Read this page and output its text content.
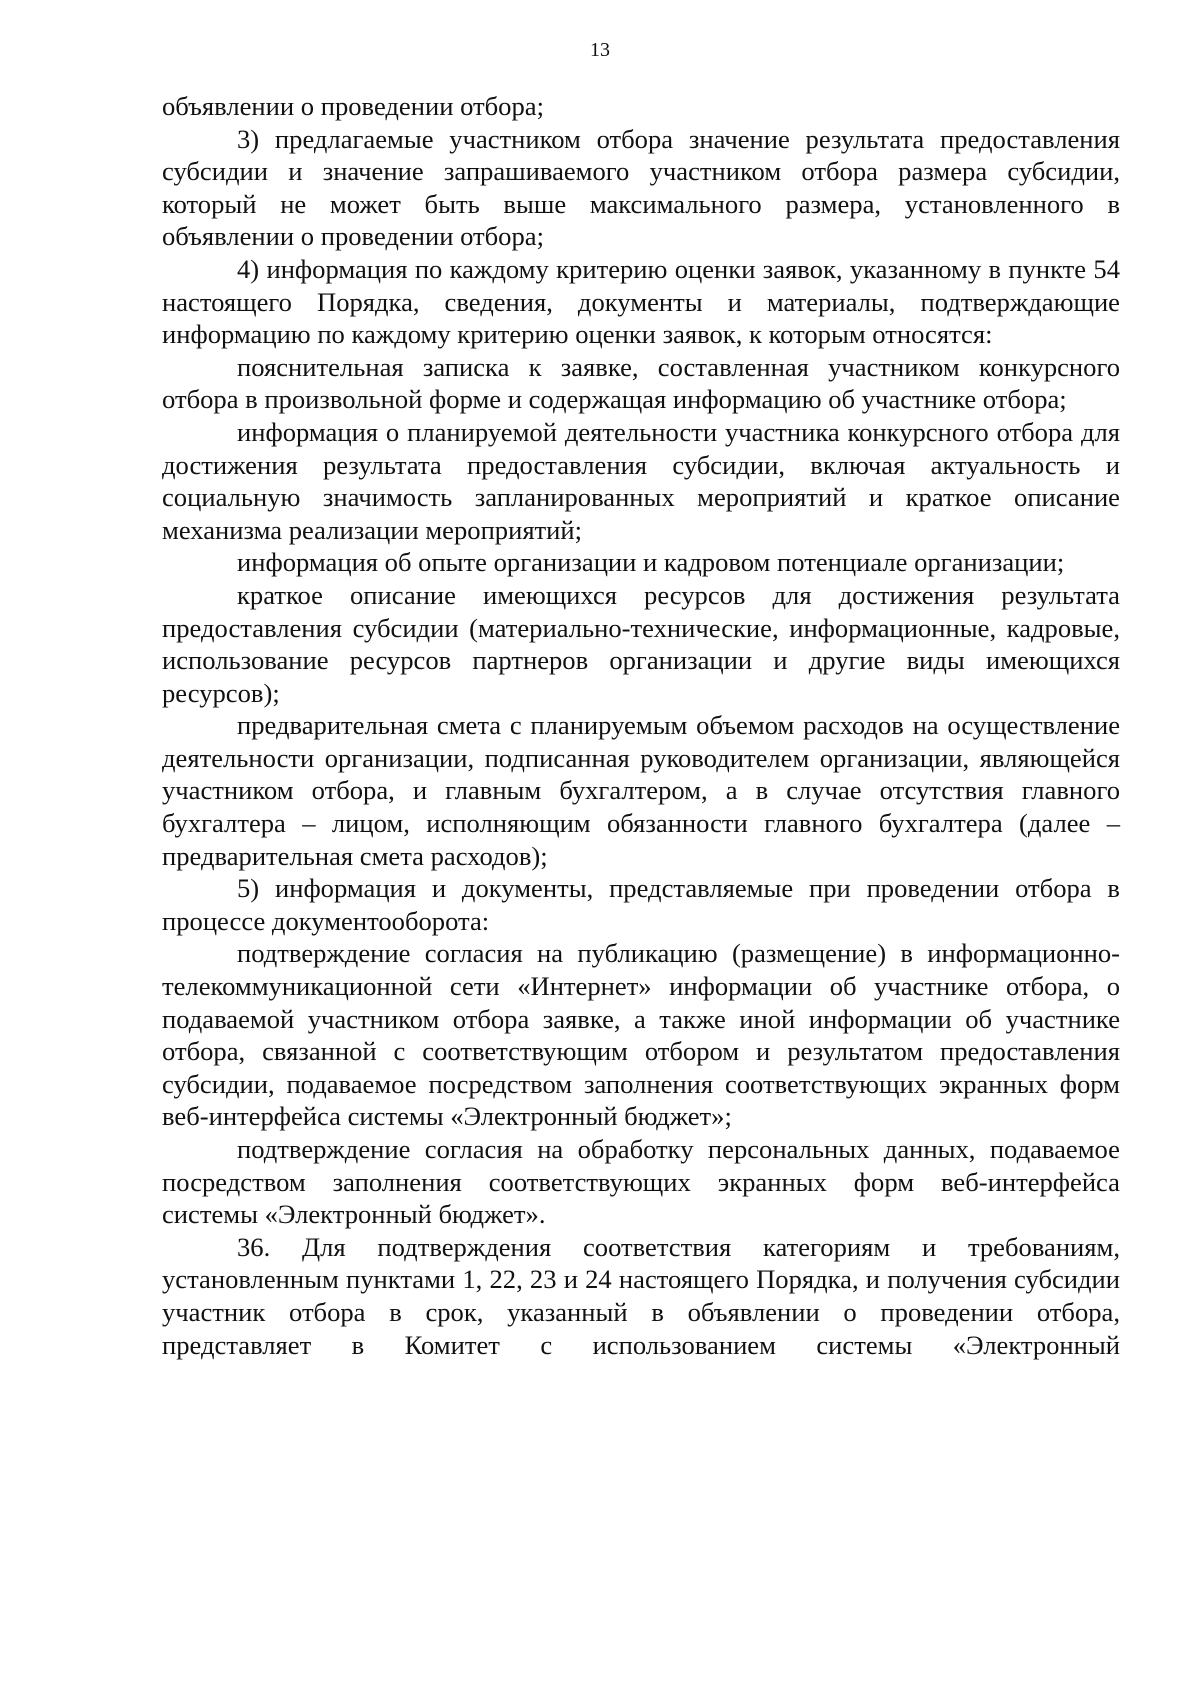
13

объявлении о проведении отбора;

3) предлагаемые участником отбора значение результата предоставления субсидии и значение запрашиваемого участником отбора размера субсидии, который не может быть выше максимального размера, установленного в объявлении о проведении отбора;

4) информация по каждому критерию оценки заявок, указанному в пункте 54 настоящего Порядка, сведения, документы и материалы, подтверждающие информацию по каждому критерию оценки заявок, к которым относятся:

пояснительная записка к заявке, составленная участником конкурсного отбора в произвольной форме и содержащая информацию об участнике отбора;

информация о планируемой деятельности участника конкурсного отбора для достижения результата предоставления субсидии, включая актуальность и социальную значимость запланированных мероприятий и краткое описание механизма реализации мероприятий;

информация об опыте организации и кадровом потенциале организации;

краткое описание имеющихся ресурсов для достижения результата предоставления субсидии (материально-технические, информационные, кадровые, использование ресурсов партнеров организации и другие виды имеющихся ресурсов);

предварительная смета с планируемым объемом расходов на осуществление деятельности организации, подписанная руководителем организации, являющейся участником отбора, и главным бухгалтером, а в случае отсутствия главного бухгалтера – лицом, исполняющим обязанности главного бухгалтера (далее – предварительная смета расходов);

5) информация и документы, представляемые при проведении отбора в процессе документооборота:

подтверждение согласия на публикацию (размещение) в информационно-телекоммуникационной сети «Интернет» информации об участнике отбора, о подаваемой участником отбора заявке, а также иной информации об участнике отбора, связанной с соответствующим отбором и результатом предоставления субсидии, подаваемое посредством заполнения соответствующих экранных форм веб-интерфейса системы «Электронный бюджет»;

подтверждение согласия на обработку персональных данных, подаваемое посредством заполнения соответствующих экранных форм веб-интерфейса системы «Электронный бюджет».

36. Для подтверждения соответствия категориям и требованиям, установленным пунктами 1, 22, 23 и 24 настоящего Порядка, и получения субсидии участник отбора в срок, указанный в объявлении о проведении отбора, представляет в Комитет с использованием системы «Электронный
